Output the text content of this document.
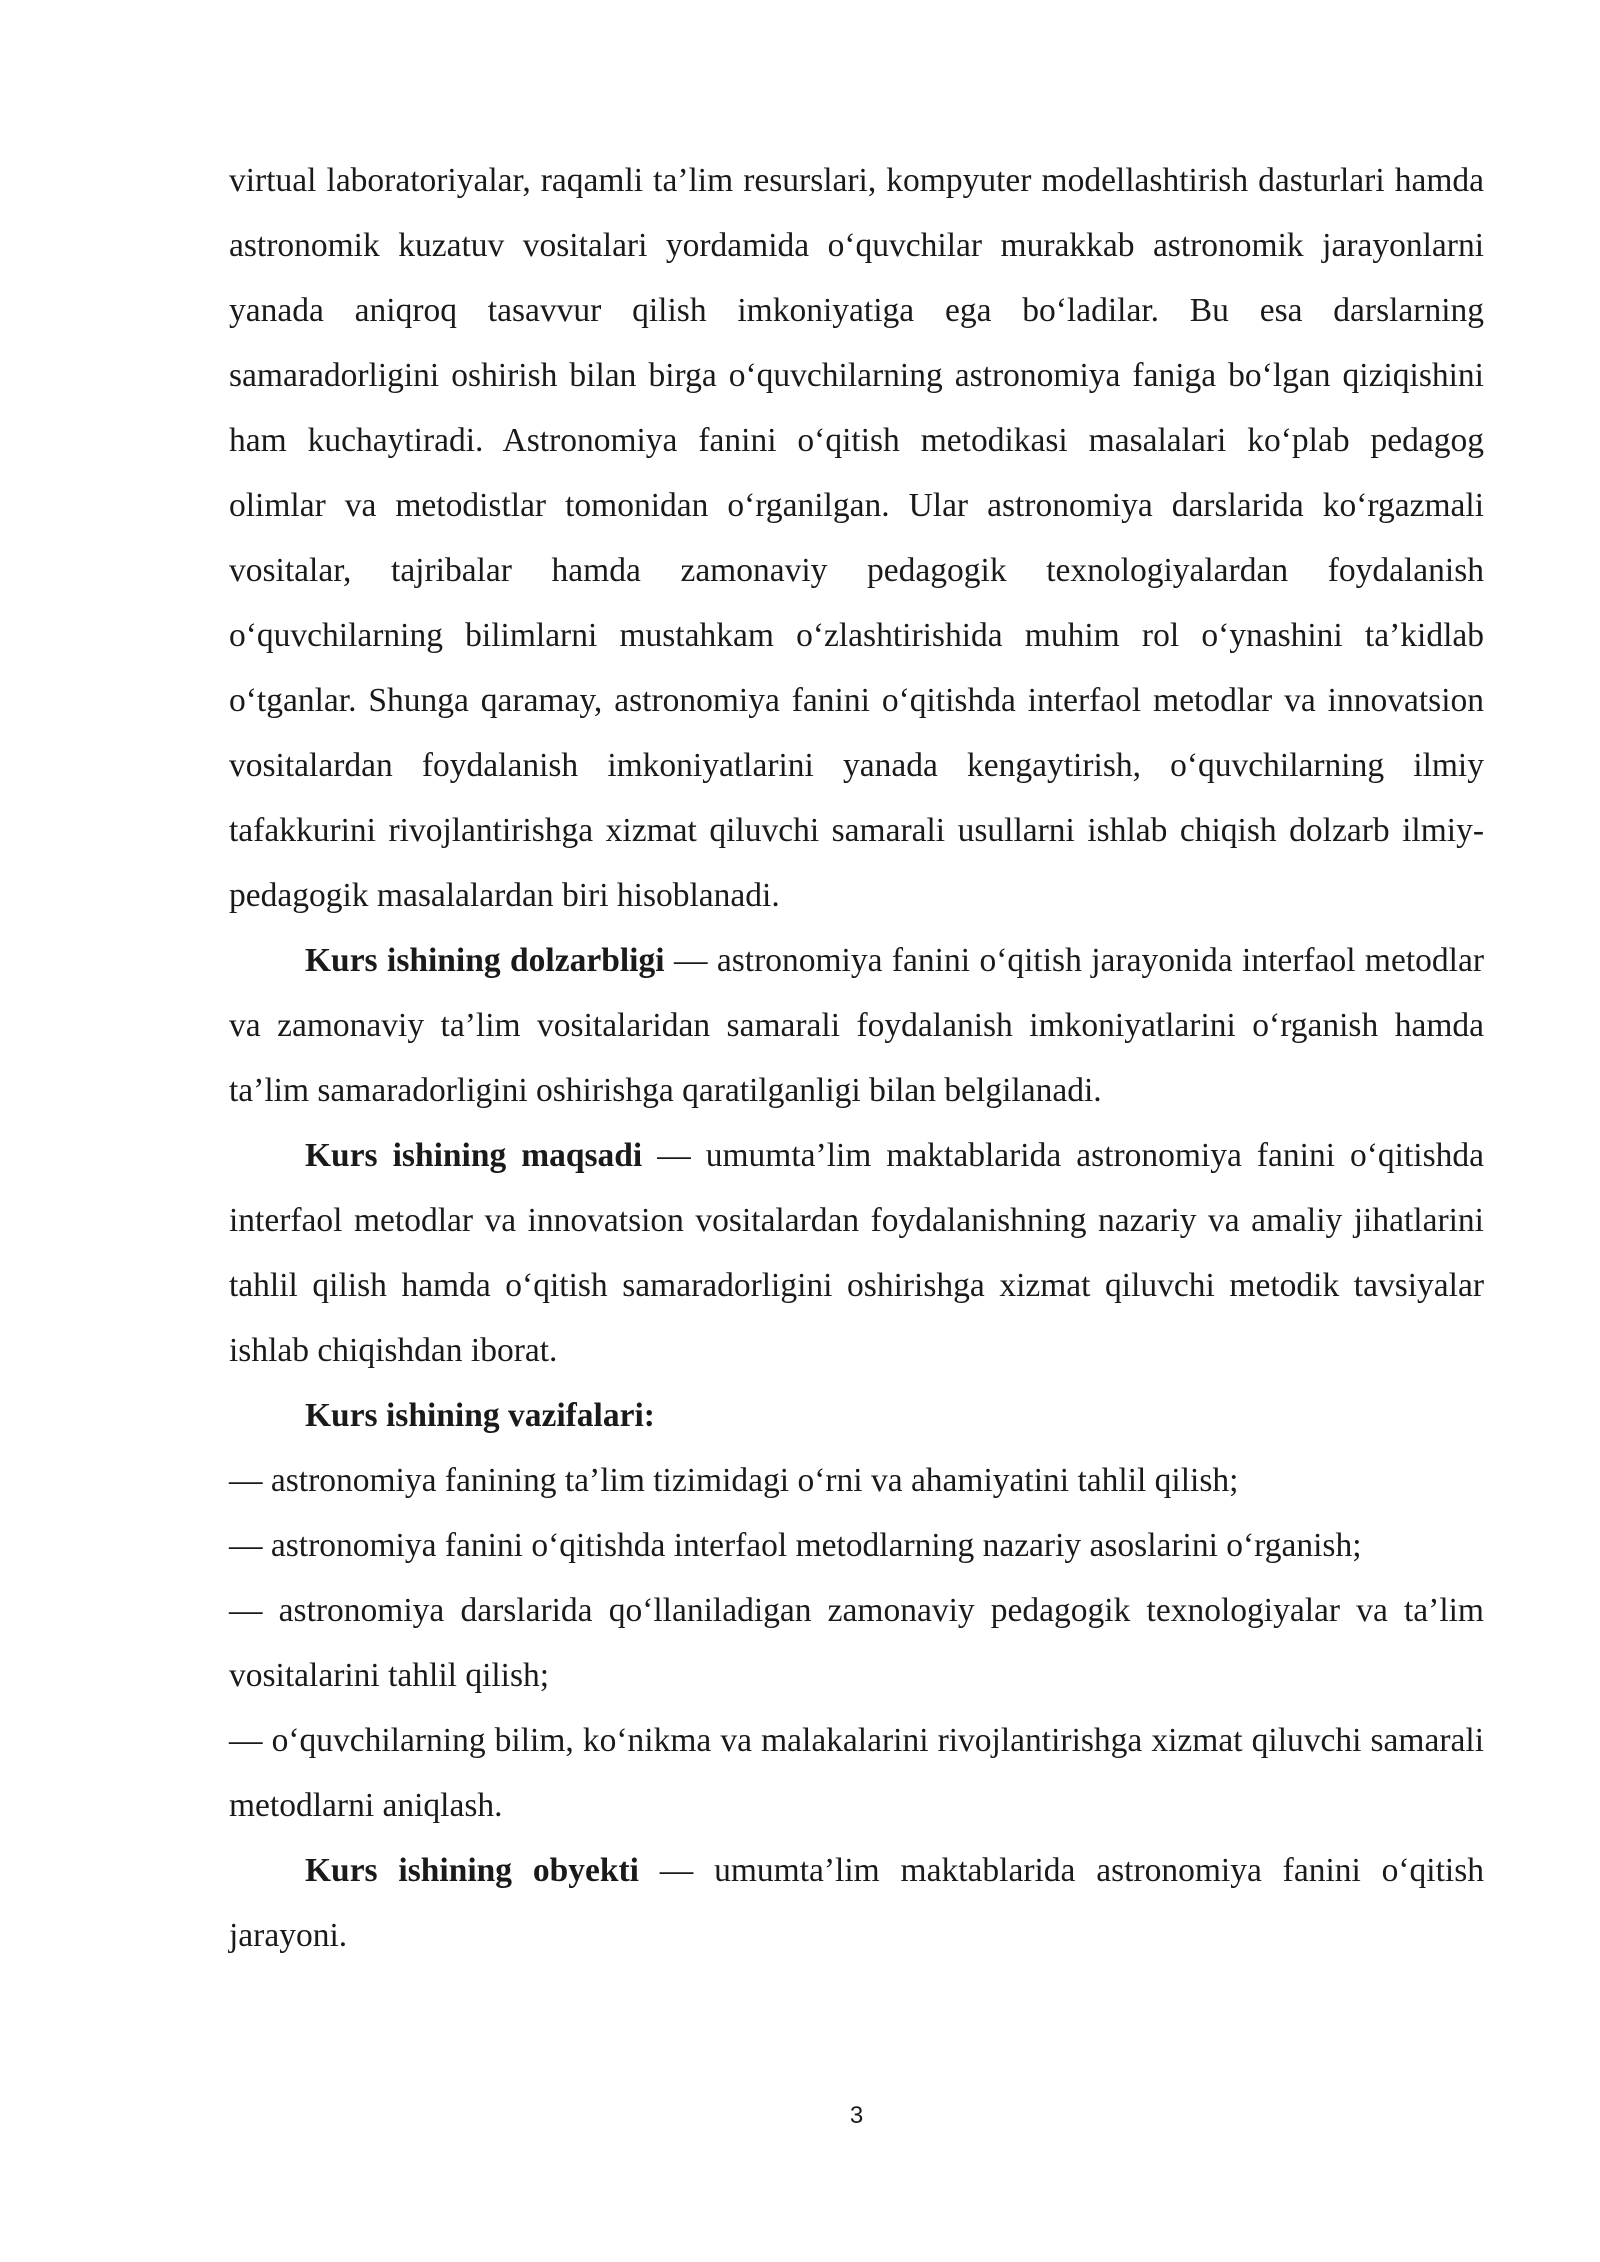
virtual laboratoriyalar, raqamli ta’lim resurslari, kompyuter modellashtirish dasturlari hamda astronomik kuzatuv vositalari yordamida o‘quvchilar murakkab astronomik jarayonlarni yanada aniqroq tasavvur qilish imkoniyatiga ega bo‘ladilar. Bu esa darslarning samaradorligini oshirish bilan birga o‘quvchilarning astronomiya faniga bo‘lgan qiziqishini ham kuchaytiradi. Astronomiya fanini o‘qitish metodikasi masalalari ko‘plab pedagog olimlar va metodistlar tomonidan o‘rganilgan. Ular astronomiya darslarida ko‘rgazmali vositalar, tajribalar hamda zamonaviy pedagogik texnologiyalardan foydalanish o‘quvchilarning bilimlarni mustahkam o‘zlashtirishida muhim rol o‘ynashini ta’kidlab o‘tganlar. Shunga qaramay, astronomiya fanini o‘qitishda interfaol metodlar va innovatsion vositalardan foydalanish imkoniyatlarini yanada kengaytirish, o‘quvchilarning ilmiy tafakkurini rivojlantirishga xizmat qiluvchi samarali usullarni ishlab chiqish dolzarb ilmiy-pedagogik masalalardan biri hisoblanadi.

Kurs ishining dolzarbligi — astronomiya fanini o‘qitish jarayonida interfaol metodlar va zamonaviy ta’lim vositalaridan samarali foydalanish imkoniyatlarini o‘rganish hamda ta’lim samaradorligini oshirishga qaratilganligi bilan belgilanadi.

Kurs ishining maqsadi — umumta’lim maktablarida astronomiya fanini o‘qitishda interfaol metodlar va innovatsion vositalardan foydalanishning nazariy va amaliy jihatlarini tahlil qilish hamda o‘qitish samaradorligini oshirishga xizmat qiluvchi metodik tavsiyalar ishlab chiqishdan iborat.

Kurs ishining vazifalari:

— astronomiya fanining ta’lim tizimidagi o‘rni va ahamiyatini tahlil qilish;

— astronomiya fanini o‘qitishda interfaol metodlarning nazariy asoslarini o‘rganish;

— astronomiya darslarida qo‘llaniladigan zamonaviy pedagogik texnologiyalar va ta’lim vositalarini tahlil qilish;

— o‘quvchilarning bilim, ko‘nikma va malakalarini rivojlantirishga xizmat qiluvchi samarali metodlarni aniqlash.

Kurs ishining obyekti — umumta’lim maktablarida astronomiya fanini o‘qitish jarayoni.

3
